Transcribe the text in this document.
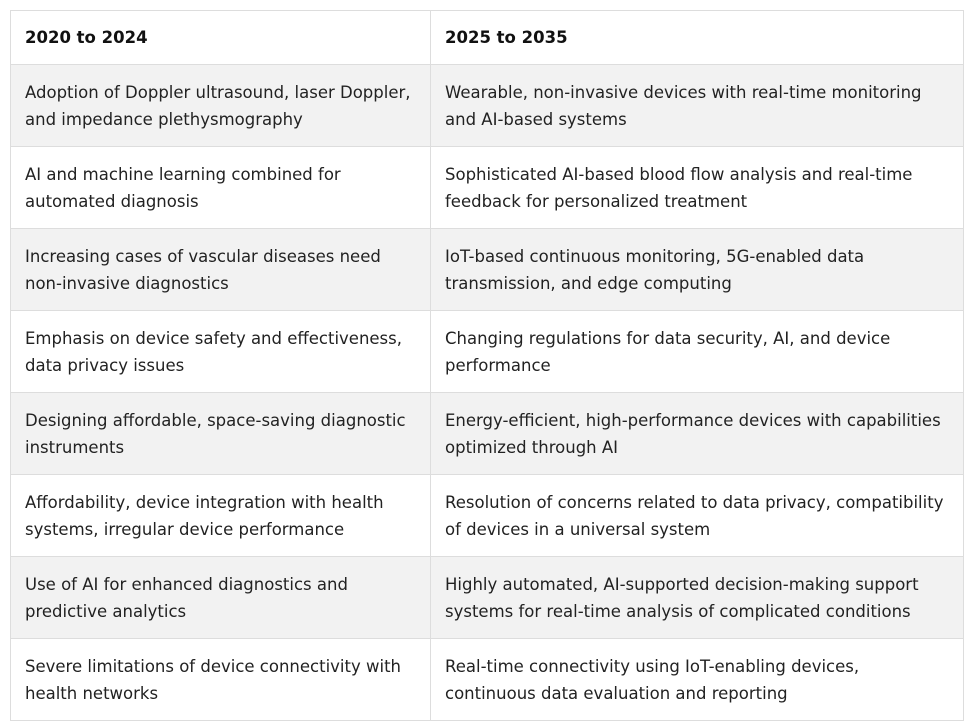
2020 to 2024	2025 to 2035

Adoption of Doppler ultrasound, laser Doppler, and impedance plethysmography	Wearable, non-invasive devices with real-time monitoring and AI-based systems

AI and machine learning combined for automated diagnosis	Sophisticated AI-based blood flow analysis and real-time feedback for personalized treatment

Increasing cases of vascular diseases need non-invasive diagnostics	IoT-based continuous monitoring, 5G-enabled data transmission, and edge computing

Emphasis on device safety and effectiveness, data privacy issues	Changing regulations for data security, AI, and device performance

Designing affordable, space-saving diagnostic instruments	Energy-efficient, high-performance devices with capabilities optimized through AI

Affordability, device integration with health systems, irregular device performance	Resolution of concerns related to data privacy, compatibility of devices in a universal system

Use of AI for enhanced diagnostics and predictive analytics	Highly automated, AI-supported decision-making support systems for real-time analysis of complicated conditions

Severe limitations of device connectivity with health networks	Real-time connectivity using IoT-enabling devices, continuous data evaluation and reporting
